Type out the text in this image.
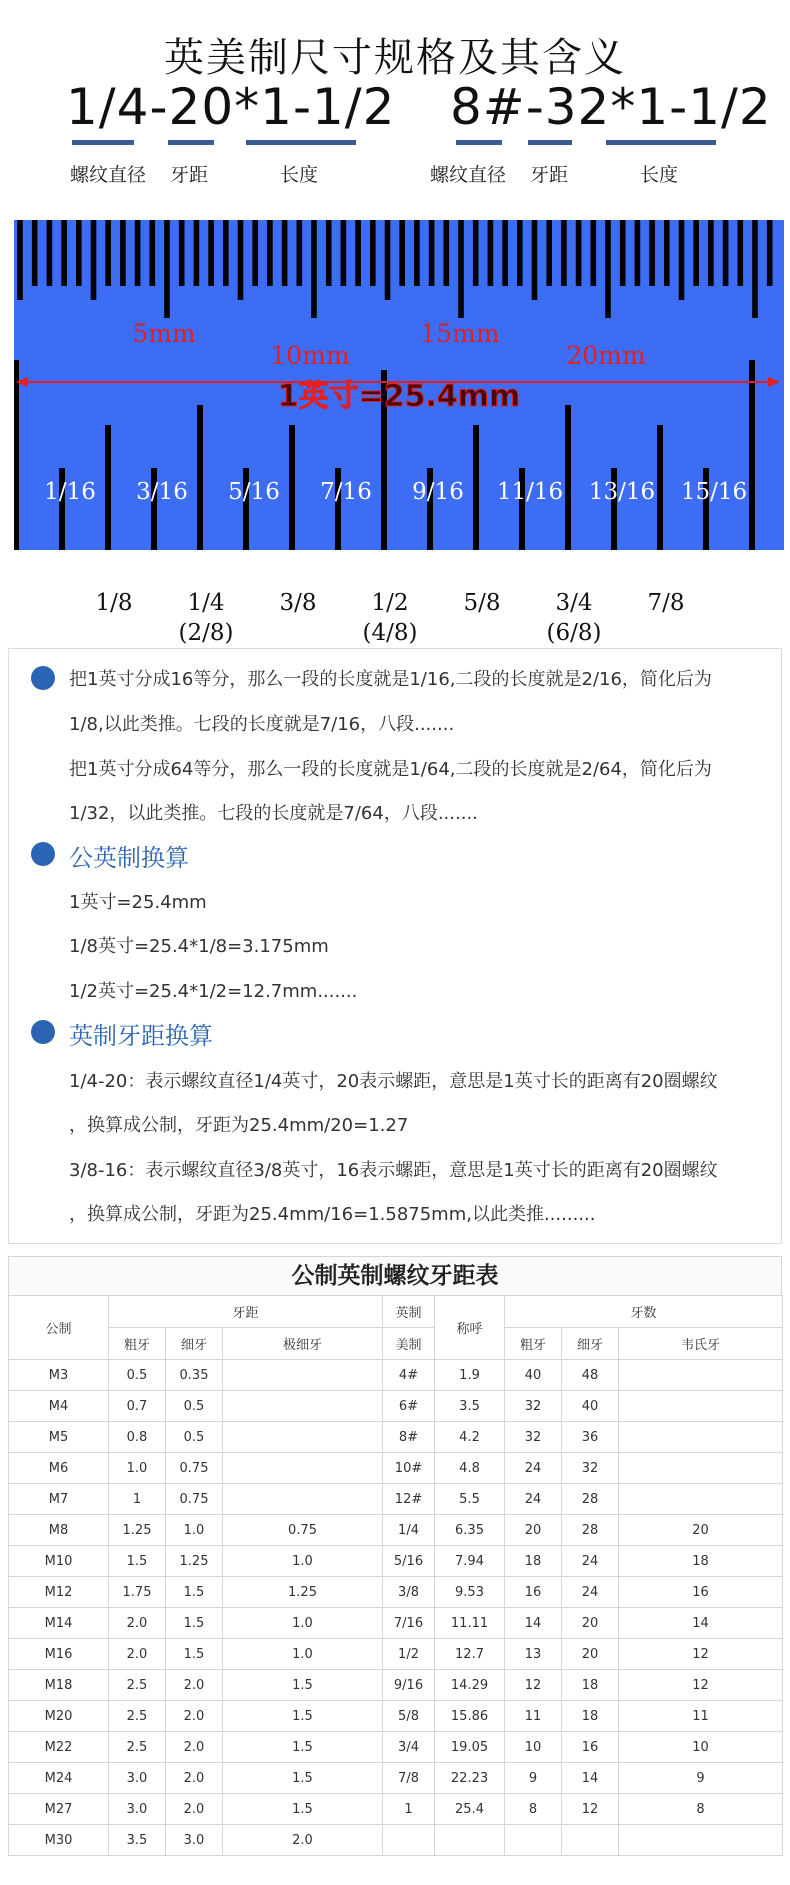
英美制尺寸规格及其含义
1/4-20*1-1/2 8#-32*1-1/2
螺纹直径 牙距	长度	螺纹直径 牙距	长度
5mm
10mm
15mm
20mm
1英寸=25.4mm
1/16 3/16 5/16 7/16 9/16 11/16 13/16 15/16
1/8	1/4	3/8	1/2	5/8	3/4	7/8
(2/8)	(4/8)	(6/8)
把1英寸分成16等分，那么一段的长度就是1/16,二段的长度就是2/16，简化后为
1/8,以此类推。七段的长度就是7/16，八段.......
把1英寸分成64等分，那么一段的长度就是1/64,二段的长度就是2/64，简化后为
1/32，以此类推。七段的长度就是7/64，八段.......
公英制换算
1英寸=25.4mm
1/8英寸=25.4*1/8=3.175mm
1/2英寸=25.4*1/2=12.7mm.......
英制牙距换算
1/4-20：表示螺纹直径1/4英寸，20表示螺距，意思是1英寸长的距离有20圈螺纹
，换算成公制，牙距为25.4mm/20=1.27
3/8-16：表示螺纹直径3/8英寸，16表示螺距，意思是1英寸长的距离有20圈螺纹
，换算成公制，牙距为25.4mm/16=1.5875mm,以此类推.........
公制英制螺纹牙距表
公制	牙距			英制	称呼	牙数		
	粗牙	细牙	极细牙	美制		粗牙	细牙	韦氏牙
M3	0.5	0.35		4#	1.9	40	48	
M4	0.7	0.5		6#	3.5	32	40	
M5	0.8	0.5		8#	4.2	32	36	
M6	1.0	0.75		10#	4.8	24	32	
M7	1	0.75		12#	5.5	24	28	
M8	1.25	1.0	0.75	1/4	6.35	20	28	20
M10	1.5	1.25	1.0	5/16	7.94	18	24	18
M12	1.75	1.5	1.25	3/8	9.53	16	24	16
M14	2.0	1.5	1.0	7/16	11.11	14	20	14
M16	2.0	1.5	1.0	1/2	12.7	13	20	12
M18	2.5	2.0	1.5	9/16	14.29	12	18	12
M20	2.5	2.0	1.5	5/8	15.86	11	18	11
M22	2.5	2.0	1.5	3/4	19.05	10	16	10
M24	3.0	2.0	1.5	7/8	22.23	9	14	9
M27	3.0	2.0	1.5	1	25.4	8	12	8
M30	3.5	3.0	2.0					
